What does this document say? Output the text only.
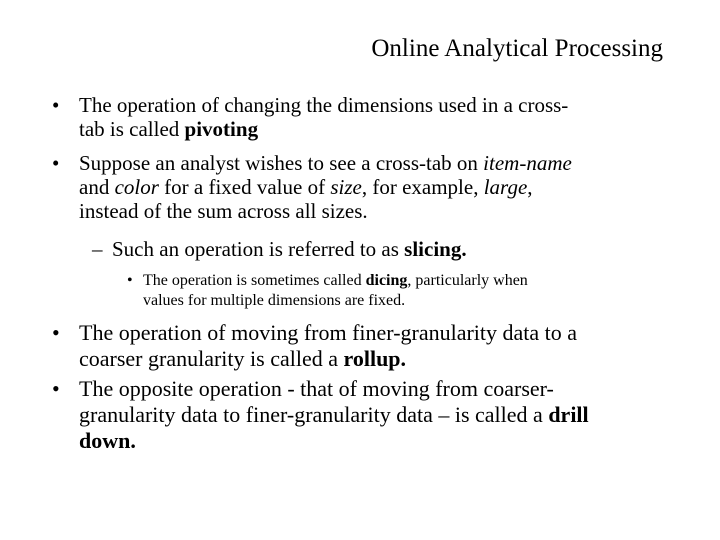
Online Analytical Processing
• The operation of changing the dimensions used in a cross-
tab is called pivoting
• Suppose an analyst wishes to see a cross-tab on item-name
and color for a fixed value of size, for example, large,
instead of the sum across all sizes.
– Such an operation is referred to as slicing.
• The operation is sometimes called dicing, particularly when
values for multiple dimensions are fixed.
• The operation of moving from finer-granularity data to a
coarser granularity is called a rollup.
• The opposite operation - that of moving from coarser-
granularity data to finer-granularity data – is called a drill
down.
